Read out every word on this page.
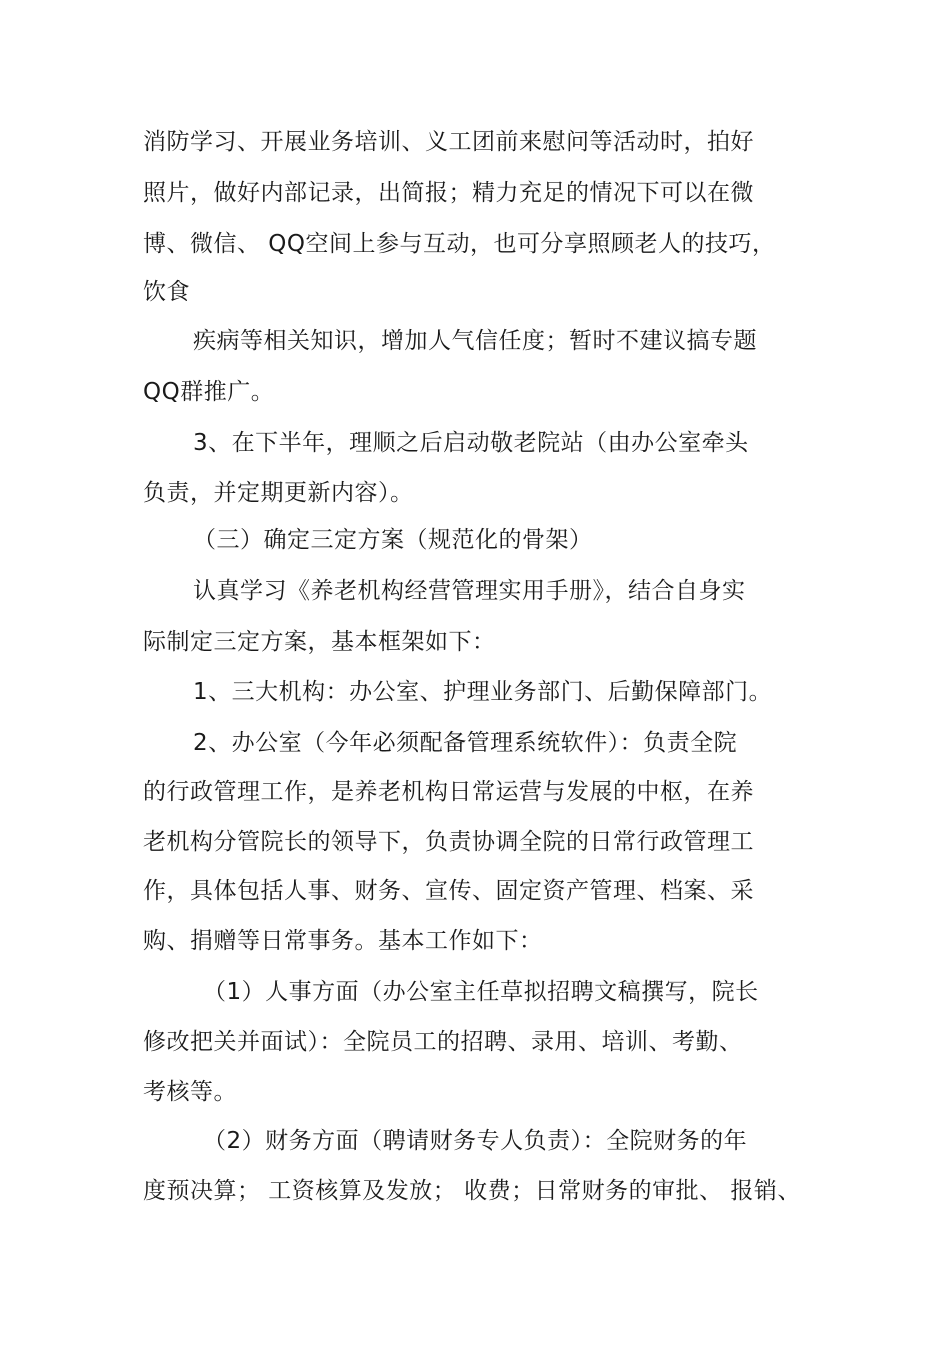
消防学习、开展业务培训、义工团前来慰问等活动时，拍好
照片，做好内部记录，出简报；精力充足的情况下可以在微
博、微信、 QQ空间上参与互动，也可分享照顾老人的技巧，
饮食
疾病等相关知识，增加人气信任度；暂时不建议搞专题
QQ群推广。
3、在下半年，理顺之后启动敬老院站（由办公室牵头
负责，并定期更新内容）。
（三）确定三定方案（规范化的骨架）
认真学习《养老机构经营管理实用手册》，结合自身实
际制定三定方案，基本框架如下：
1、三大机构：办公室、护理业务部门、后勤保障部门。
2、办公室（今年必须配备管理系统软件）：负责全院
的行政管理工作，是养老机构日常运营与发展的中枢，在养
老机构分管院长的领导下，负责协调全院的日常行政管理工
作，具体包括人事、财务、宣传、固定资产管理、档案、采
购、捐赠等日常事务。基本工作如下：
（1）人事方面（办公室主任草拟招聘文稿撰写，院长
修改把关并面试）：全院员工的招聘、录用、培训、考勤、
考核等。
（2）财务方面（聘请财务专人负责）：全院财务的年
度预决算； 工资核算及发放； 收费；日常财务的审批、 报销、
